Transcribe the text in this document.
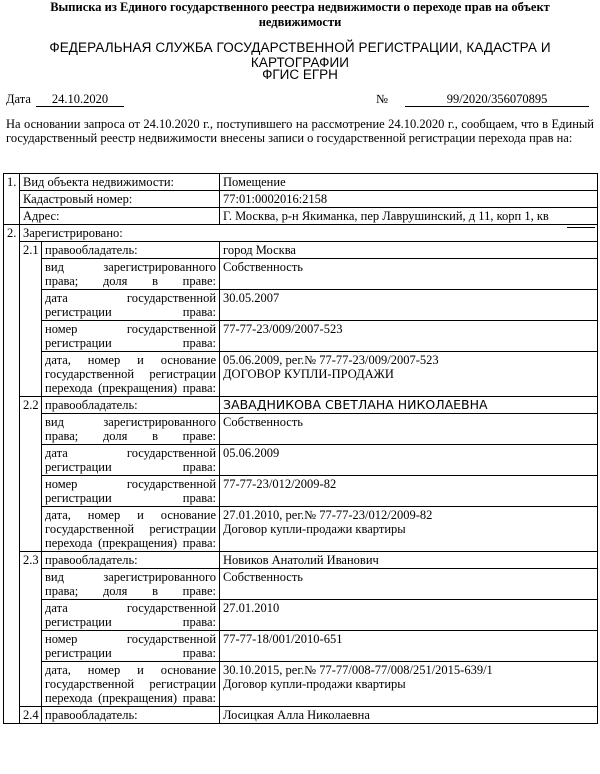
Выписка из Единого государственного реестра недвижимости о переходе прав на объект недвижимости
ФЕДЕРАЛЬНАЯ СЛУЖБА ГОСУДАРСТВЕННОЙ РЕГИСТРАЦИИ, КАДАСТРА И КАРТОГРАФИИ
ФГИС ЕГРН
Дата 24.10.2020	№	99/2020/356070895
На основании запроса от 24.10.2020 г., поступившего на рассмотрение 24.10.2020 г., сообщаем, что в Единый государственный реестр недвижимости внесены записи о государственной регистрации перехода прав на:
1.	Вид объекта недвижимости:		Помещение
	Кадастровый номер:		77:01:0002016:2158
	Адрес:		Г. Москва, р-н Якиманка, пер Лаврушинский, д 11, корп 1, кв
2.	Зарегистрировано:		
	2.1	правообладатель:	город Москва
		вид зарегистрированного права; доля в праве:	Собственность
		дата государственной регистрации права:	30.05.2007
		номер государственной регистрации права:	77-77-23/009/2007-523
		дата, номер и основание государственной регистрации перехода (прекращения) права:	05.06.2009, рег.№ 77-77-23/009/2007-523
ДОГОВОР КУПЛИ-ПРОДАЖИ

	2.2	правообладатель:	ЗАВАДНИКОВА СВЕТЛАНА НИКОЛАЕВНА
		вид зарегистрированного права; доля в праве:	Собственность
		дата государственной регистрации права:	05.06.2009
		номер государственной регистрации права:	77-77-23/012/2009-82
		дата, номер и основание государственной регистрации перехода (прекращения) права:	27.01.2010, рег.№ 77-77-23/012/2009-82
Договор купли-продажи квартиры

	2.3	правообладатель:	Новиков Анатолий Иванович
		вид зарегистрированного права; доля в праве:	Собственность
		дата государственной регистрации права:	27.01.2010
		номер государственной регистрации права:	77-77-18/001/2010-651
		дата, номер и основание государственной регистрации перехода (прекращения) права:	30.10.2015, рег.№ 77-77/008-77/008/251/2015-639/1
Договор купли-продажи квартиры

	2.4	правообладатель:	Лосицкая Алла Николаевна
